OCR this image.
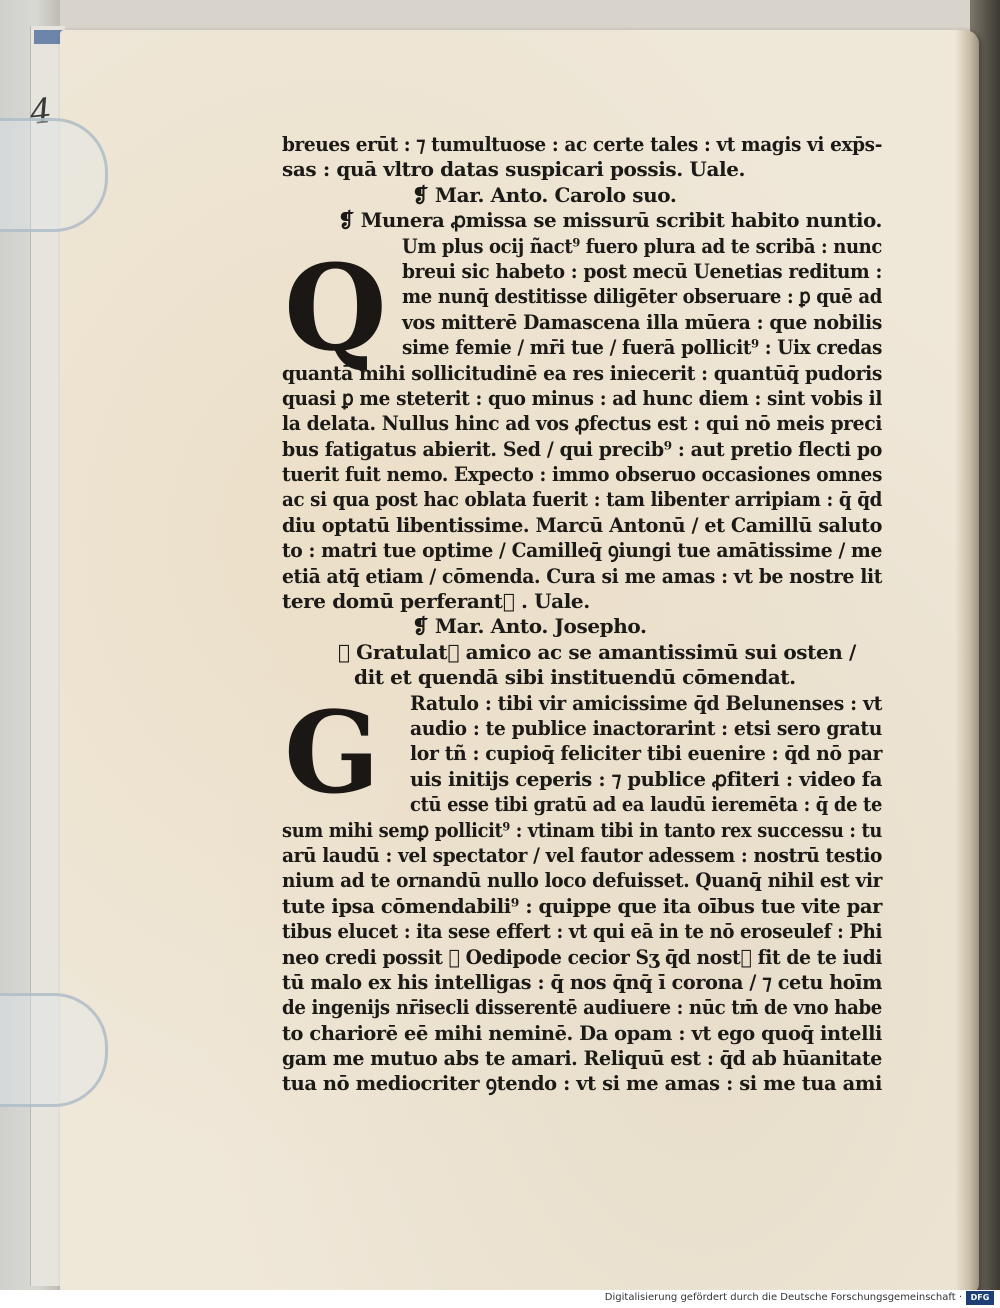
4
Q
G
breues erūt : ⁊ tumultuose : ac certe tales : vt magis vi exp̄s-
sas : quā vltro datas suspicari possis. Uale.
❡ Mar. Anto. Carolo suo.
❡ Munera ꝓmissa se missurū scribit habito nuntio.
Um plus ocij ñact⁹ fuero plura ad te scribā : nunc
breui sic habeto : post mecū Uenetias reditum :
me nunq̄ destitisse diligēter obseruare : ꝑ quē ad
vos mitterē Damascena illa mūera : que nobilis
sime femie / mr̄i tue / fuerā pollicit⁹ : Uix credas
quantā mihi sollicitudinē ea res iniecerit : quantūq̄ pudoris
quasi ꝑ me steterit : quo minus : ad hunc diem : sint vobis il
la delata. Nullus hinc ad vos ꝓfectus est : qui nō meis preci
bus fatigatus abierit. Sed / qui precib⁹ : aut pretio flecti po
tuerit fuit nemo. Expecto : immo obseruo occasiones omnes
ac si qua post hac oblata fuerit : tam libenter arripiam : q̄ q̄d
diu optatū libentissime. Marcū Antonū / et Camillū saluto
to : matri tue optime / Camilleq̄ ꝯiungi tue amātissime / me
etiā atq̄ etiam / cōmenda. Cura si me amas : vt be nostre lit
tere domū perferant᷑ . Uale.
❡ Mar. Anto. Josepho.
❡ Gratulat᷑ amico ac se amantissimū sui osten /
dit et quendā sibi instituendū cōmendat.
Ratulo : tibi vir amicissime q̄d Belunenses : vt
audio : te publice inactorarint : etsi sero gratu
lor tñ : cupioq̄ feliciter tibi euenire : q̄d nō par
uis initijs ceperis : ⁊ publice ꝓfiteri : video fa
ctū esse tibi gratū ad ea laudū ieremēta : q̄ de te
sum mihi semꝑ pollicit⁹ : vtinam tibi in tanto rex successu : tu
arū laudū : vel spectator / vel fautor adessem : nostrū testio
nium ad te ornandū nullo loco defuisset. Quanq̄ nihil est vir
tute ipsa cōmendabili⁹ : quippe que ita oībus tue vite par
tibus elucet : ita sese effert : vt qui eā in te nō eroseulef : Phi
neo credi possit ⁊ Oedipode cecior Sʒ q̄d nost᷑ fit de te iudi
tū malo ex his intelligas : q̄ nos q̄nq̄ ī corona / ⁊ cetu hoīm
de ingenijs nr̄isecli disserentē audiuere : nūc tm̄ de vno habe
to chariorē eē mihi neminē. Da opam : vt ego quoq̄ intelli
gam me mutuo abs te amari. Reliquū est : q̄d ab hūanitate
tua nō mediocriter ꝯtendo : vt si me amas : si me tua ami
Digitalisierung gefördert durch die Deutsche Forschungsgemeinschaft ·	DFG
